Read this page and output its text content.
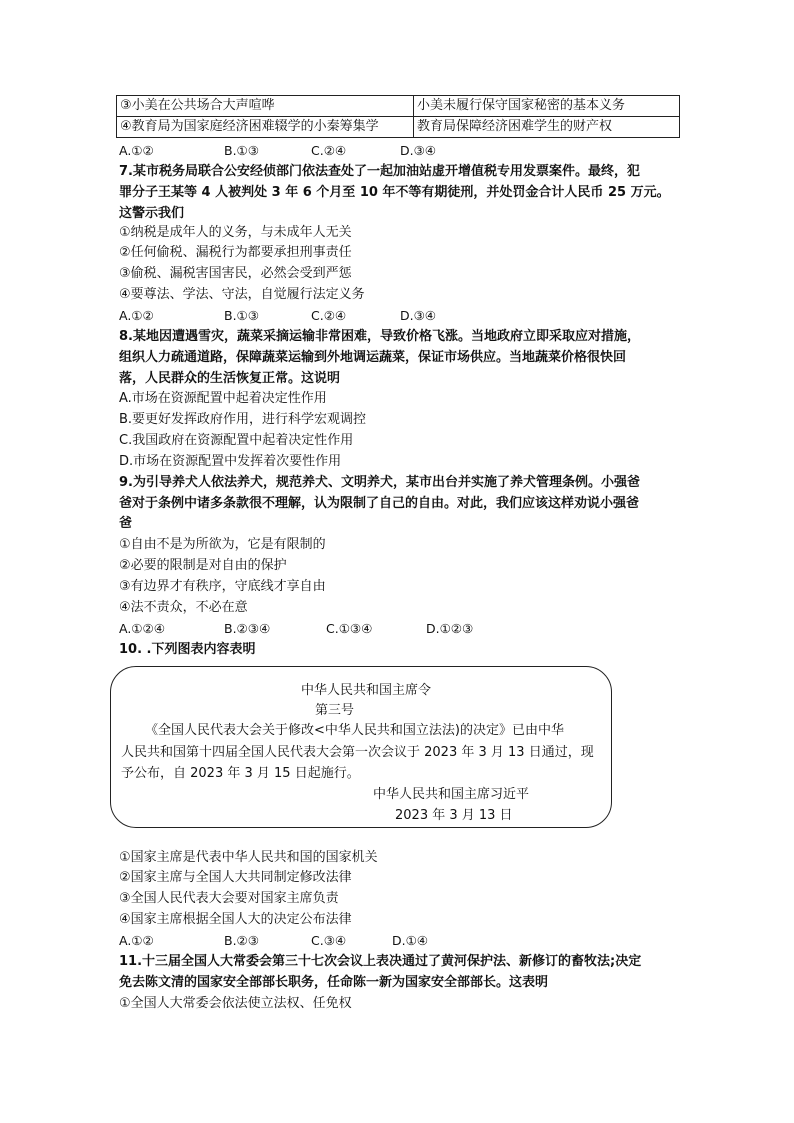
③小美在公共场合大声喧哗	小美未履行保守国家秘密的基本义务
④教育局为国家庭经济困难辍学的小秦筹集学	教育局保障经济困难学生的财产权
A.①②	B.①③	C.②④	D.③④
7.某市税务局联合公安经侦部门依法查处了一起加油站虚开增值税专用发票案件。最终，犯
罪分子王某等 4 人被判处 3 年 6 个月至 10 年不等有期徒刑，并处罚金合计人民币 25 万元。
这警示我们
①纳税是成年人的义务，与未成年人无关
②任何偷税、漏税行为都要承担刑事责任
③偷税、漏税害国害民，必然会受到严惩
④要尊法、学法、守法，自觉履行法定义务
A.①②	B.①③	C.②④	D.③④
8.某地因遭遇雪灾，蔬菜采摘运输非常困难，导致价格飞涨。当地政府立即采取应对措施，
组织人力疏通道路，保障蔬菜运输到外地调运蔬菜，保证市场供应。当地蔬菜价格很快回
落，人民群众的生活恢复正常。这说明
A.市场在资源配置中起着决定性作用
B.要更好发挥政府作用，进行科学宏观调控
C.我国政府在资源配置中起着决定性作用
D.市场在资源配置中发挥着次要性作用
9.为引导养犬人依法养犬，规范养犬、文明养犬，某市出台并实施了养犬管理条例。小强爸
爸对于条例中诸多条款很不理解，认为限制了自己的自由。对此，我们应该这样劝说小强爸
爸
①自由不是为所欲为，它是有限制的
②必要的限制是对自由的保护
③有边界才有秩序，守底线才享自由
④法不责众，不必在意
A.①②④	B.②③④	C.①③④	D.①②③
10. .下列图表内容表明
中华人民共和国主席令
第三号
《全国人民代表大会关于修改<中华人民共和国立法法)的决定》已由中华
人民共和国第十四届全国人民代表大会第一次会议于 2023 年 3 月 13 日通过，现
予公布，自 2023 年 3 月 15 日起施行。
中华人民共和国主席习近平
2023 年 3 月 13 日
①国家主席是代表中华人民共和国的国家机关
②国家主席与全国人大共同制定修改法律
③全国人民代表大会要对国家主席负责
④国家主席根据全国人大的决定公布法律
A.①②	B.②③	C.③④	D.①④
11.十三届全国人大常委会第三十七次会议上表决通过了黄河保护法、新修订的畜牧法;决定
免去陈文清的国家安全部部长职务，任命陈一新为国家安全部部长。这表明
①全国人大常委会依法使立法权、任免权
